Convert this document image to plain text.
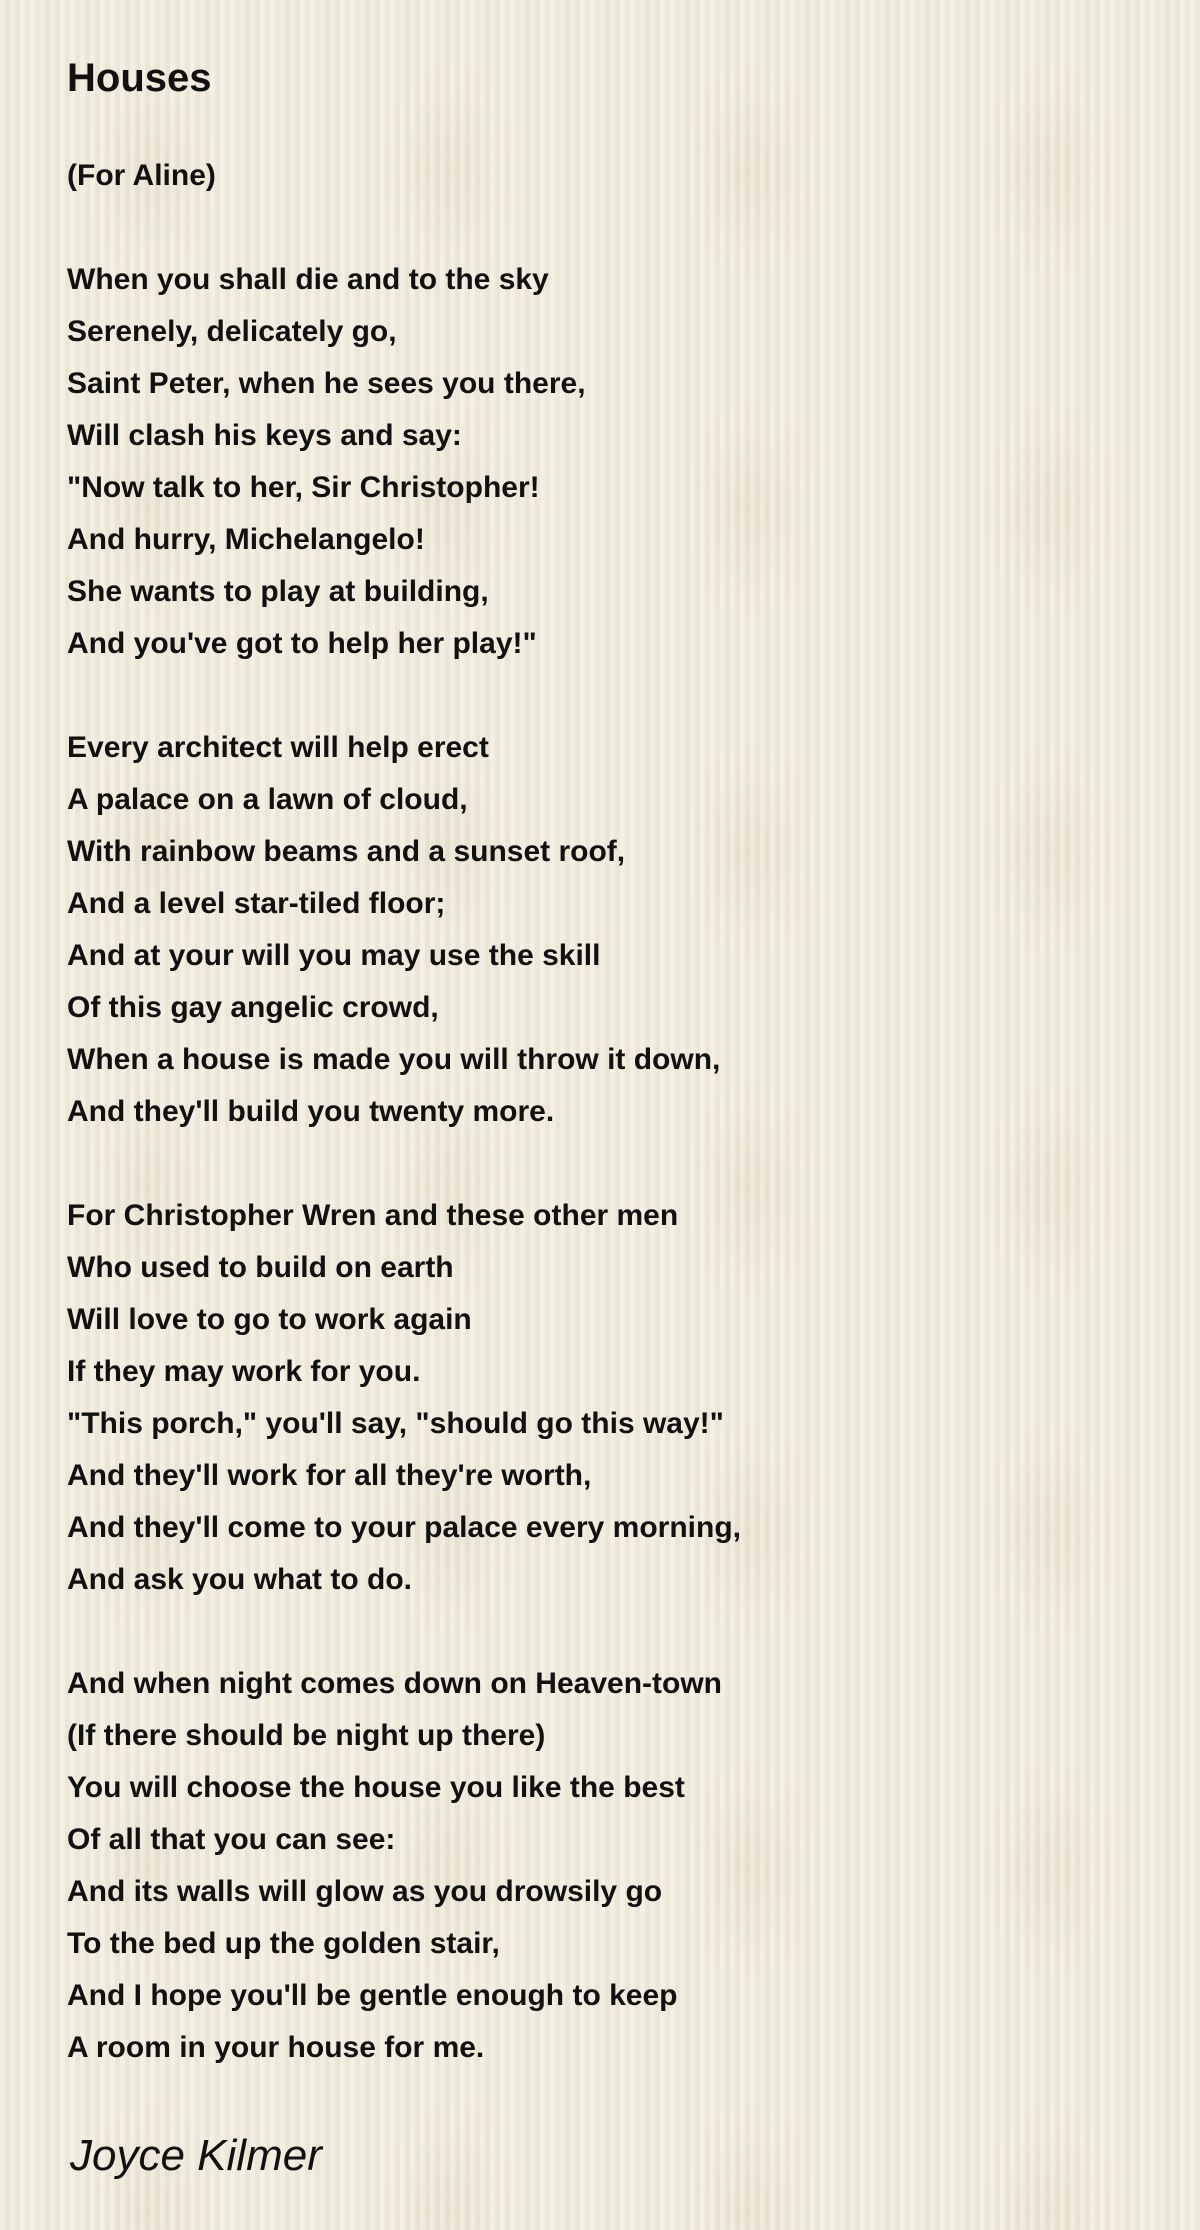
Houses
(For Aline)
When you shall die and to the sky
Serenely, delicately go,
Saint Peter, when he sees you there,
Will clash his keys and say:
"Now talk to her, Sir Christopher!
And hurry, Michelangelo!
She wants to play at building,
And you've got to help her play!"
Every architect will help erect
A palace on a lawn of cloud,
With rainbow beams and a sunset roof,
And a level star-tiled floor;
And at your will you may use the skill
Of this gay angelic crowd,
When a house is made you will throw it down,
And they'll build you twenty more.
For Christopher Wren and these other men
Who used to build on earth
Will love to go to work again
If they may work for you.
"This porch," you'll say, "should go this way!"
And they'll work for all they're worth,
And they'll come to your palace every morning,
And ask you what to do.
And when night comes down on Heaven-town
(If there should be night up there)
You will choose the house you like the best
Of all that you can see:
And its walls will glow as you drowsily go
To the bed up the golden stair,
And I hope you'll be gentle enough to keep
A room in your house for me.
Joyce Kilmer
